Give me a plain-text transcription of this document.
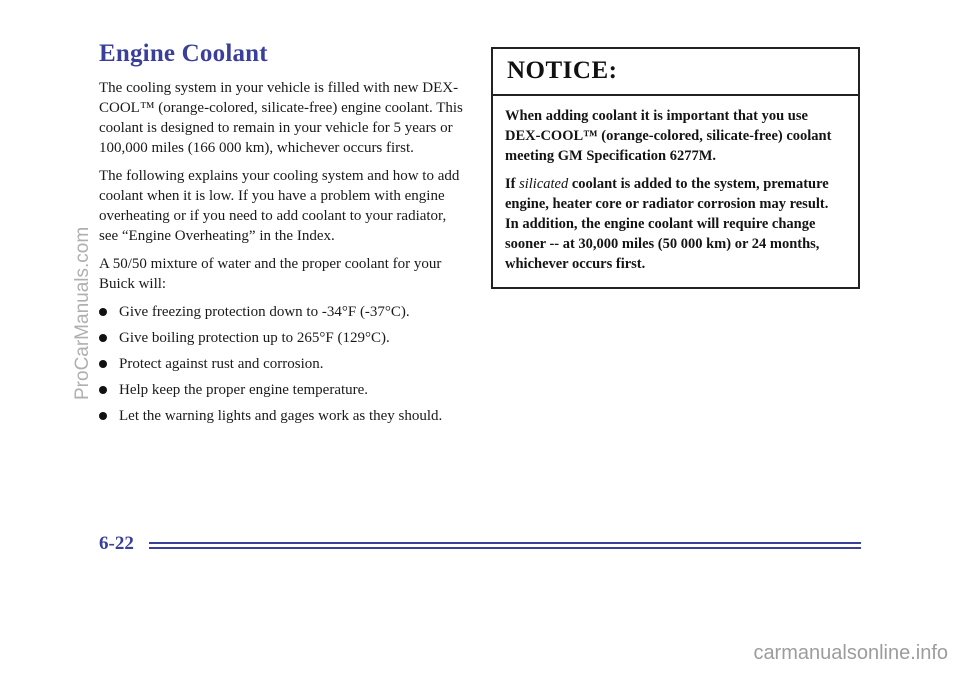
Engine Coolant

The cooling system in your vehicle is filled with new DEX-COOL™ (orange-colored, silicate-free) engine coolant. This coolant is designed to remain in your vehicle for 5 years or 100,000 miles (166 000 km), whichever occurs first.

The following explains your cooling system and how to add coolant when it is low. If you have a problem with engine overheating or if you need to add coolant to your radiator, see “Engine Overheating” in the Index.

A 50/50 mixture of water and the proper coolant for your Buick will:

Give freezing protection down to -34°F (-37°C).
Give boiling protection up to 265°F (129°C).
Protect against rust and corrosion.
Help keep the proper engine temperature.
Let the warning lights and gages work as they should.
NOTICE:

When adding coolant it is important that you use DEX-COOL™ (orange-colored, silicate-free) coolant meeting GM Specification 6277M.

If silicated coolant is added to the system, premature engine, heater core or radiator corrosion may result. In addition, the engine coolant will require change sooner -- at 30,000 miles (50 000 km) or 24 months, whichever occurs first.

6-22
ProCarManuals.com
carmanualsonline.info
